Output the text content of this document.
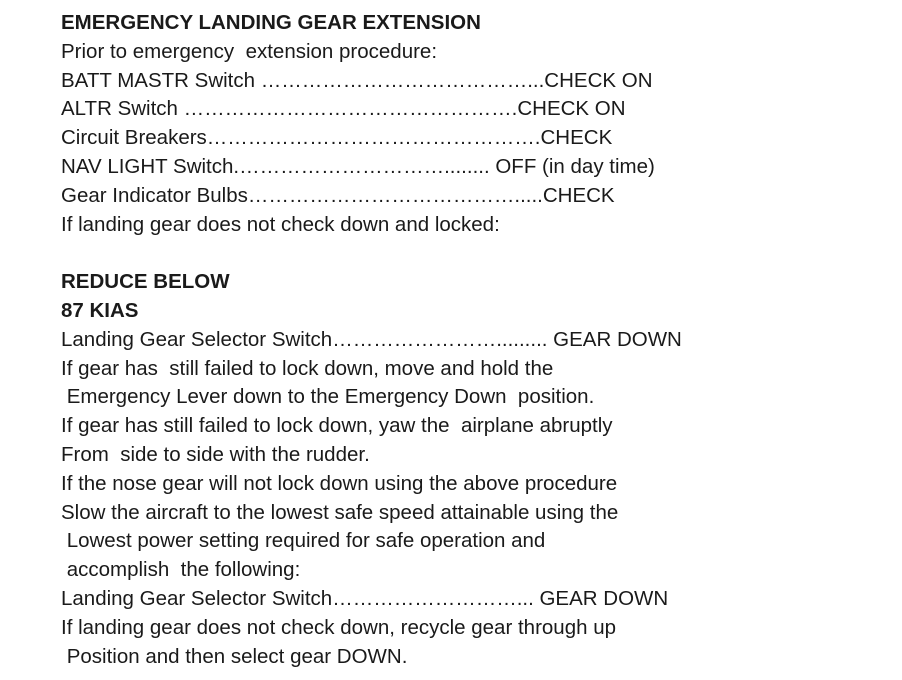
EMERGENCY LANDING GEAR EXTENSION
Prior to emergency  extension procedure:
BATT MASTR Switch …………………………………...CHECK ON
ALTR Switch ………………………………………….CHECK ON
Circuit Breakers………………………………………….CHECK
NAV LIGHT Switch.…………………………........ OFF (in day time)
Gear Indicator Bulbs………………………………….....CHECK
If landing gear does not check down and locked:
REDUCE BELOW
87 KIAS
Landing Gear Selector Switch……………………......... GEAR DOWN
If gear has  still failed to lock down, move and hold the
Emergency Lever down to the Emergency Down  position.
If gear has still failed to lock down, yaw the  airplane abruptly
From  side to side with the rudder.
If the nose gear will not lock down using the above procedure
Slow the aircraft to the lowest safe speed attainable using the
Lowest power setting required for safe operation and
accomplish  the following:
Landing Gear Selector Switch………………………... GEAR DOWN
If landing gear does not check down, recycle gear through up
Position and then select gear DOWN.
